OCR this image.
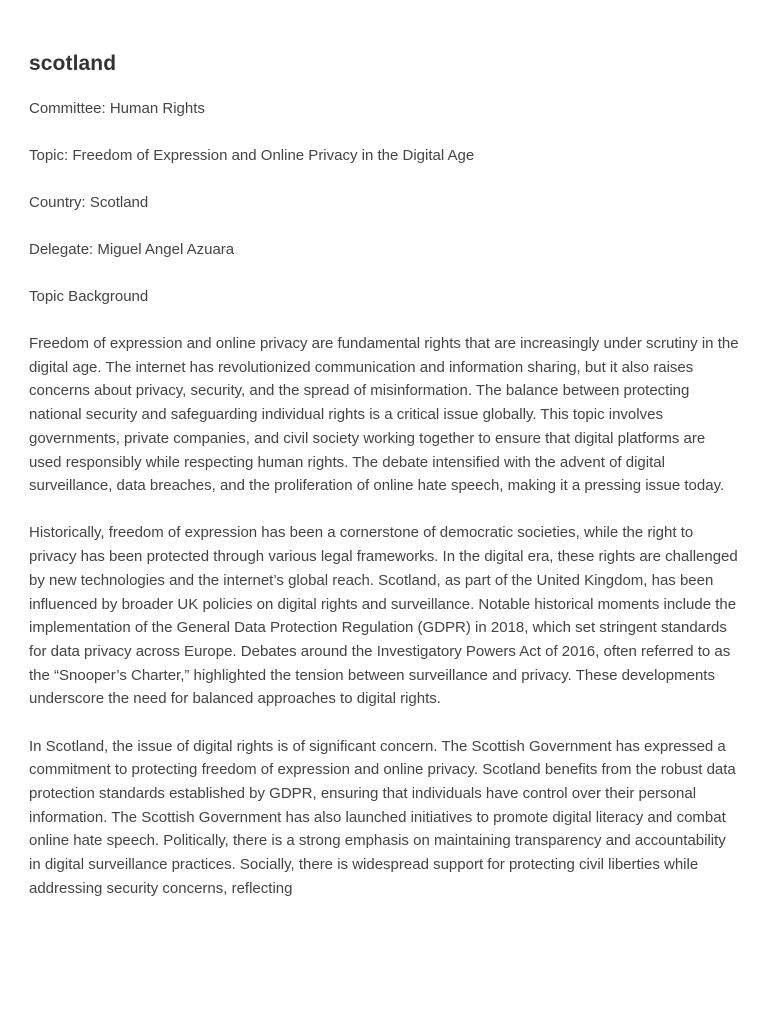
scotland

Committee: Human Rights

Topic: Freedom of Expression and Online Privacy in the Digital Age

Country: Scotland

Delegate: Miguel Angel Azuara

Topic Background

Freedom of expression and online privacy are fundamental rights that are increasingly under scrutiny in the digital age. The internet has revolutionized communication and information sharing, but it also raises concerns about privacy, security, and the spread of misinformation. The balance between protecting national security and safeguarding individual rights is a critical issue globally. This topic involves governments, private companies, and civil society working together to ensure that digital platforms are used responsibly while respecting human rights. The debate intensified with the advent of digital surveillance, data breaches, and the proliferation of online hate speech, making it a pressing issue today.

Historically, freedom of expression has been a cornerstone of democratic societies, while the right to privacy has been protected through various legal frameworks. In the digital era, these rights are challenged by new technologies and the internet’s global reach. Scotland, as part of the United Kingdom, has been influenced by broader UK policies on digital rights and surveillance. Notable historical moments include the implementation of the General Data Protection Regulation (GDPR) in 2018, which set stringent standards for data privacy across Europe. Debates around the Investigatory Powers Act of 2016, often referred to as the “Snooper’s Charter,” highlighted the tension between surveillance and privacy. These developments underscore the need for balanced approaches to digital rights.

In Scotland, the issue of digital rights is of significant concern. The Scottish Government has expressed a commitment to protecting freedom of expression and online privacy. Scotland benefits from the robust data protection standards established by GDPR, ensuring that individuals have control over their personal information. The Scottish Government has also launched initiatives to promote digital literacy and combat online hate speech. Politically, there is a strong emphasis on maintaining transparency and accountability in digital surveillance practices. Socially, there is widespread support for protecting civil liberties while addressing security concerns, reflecting
